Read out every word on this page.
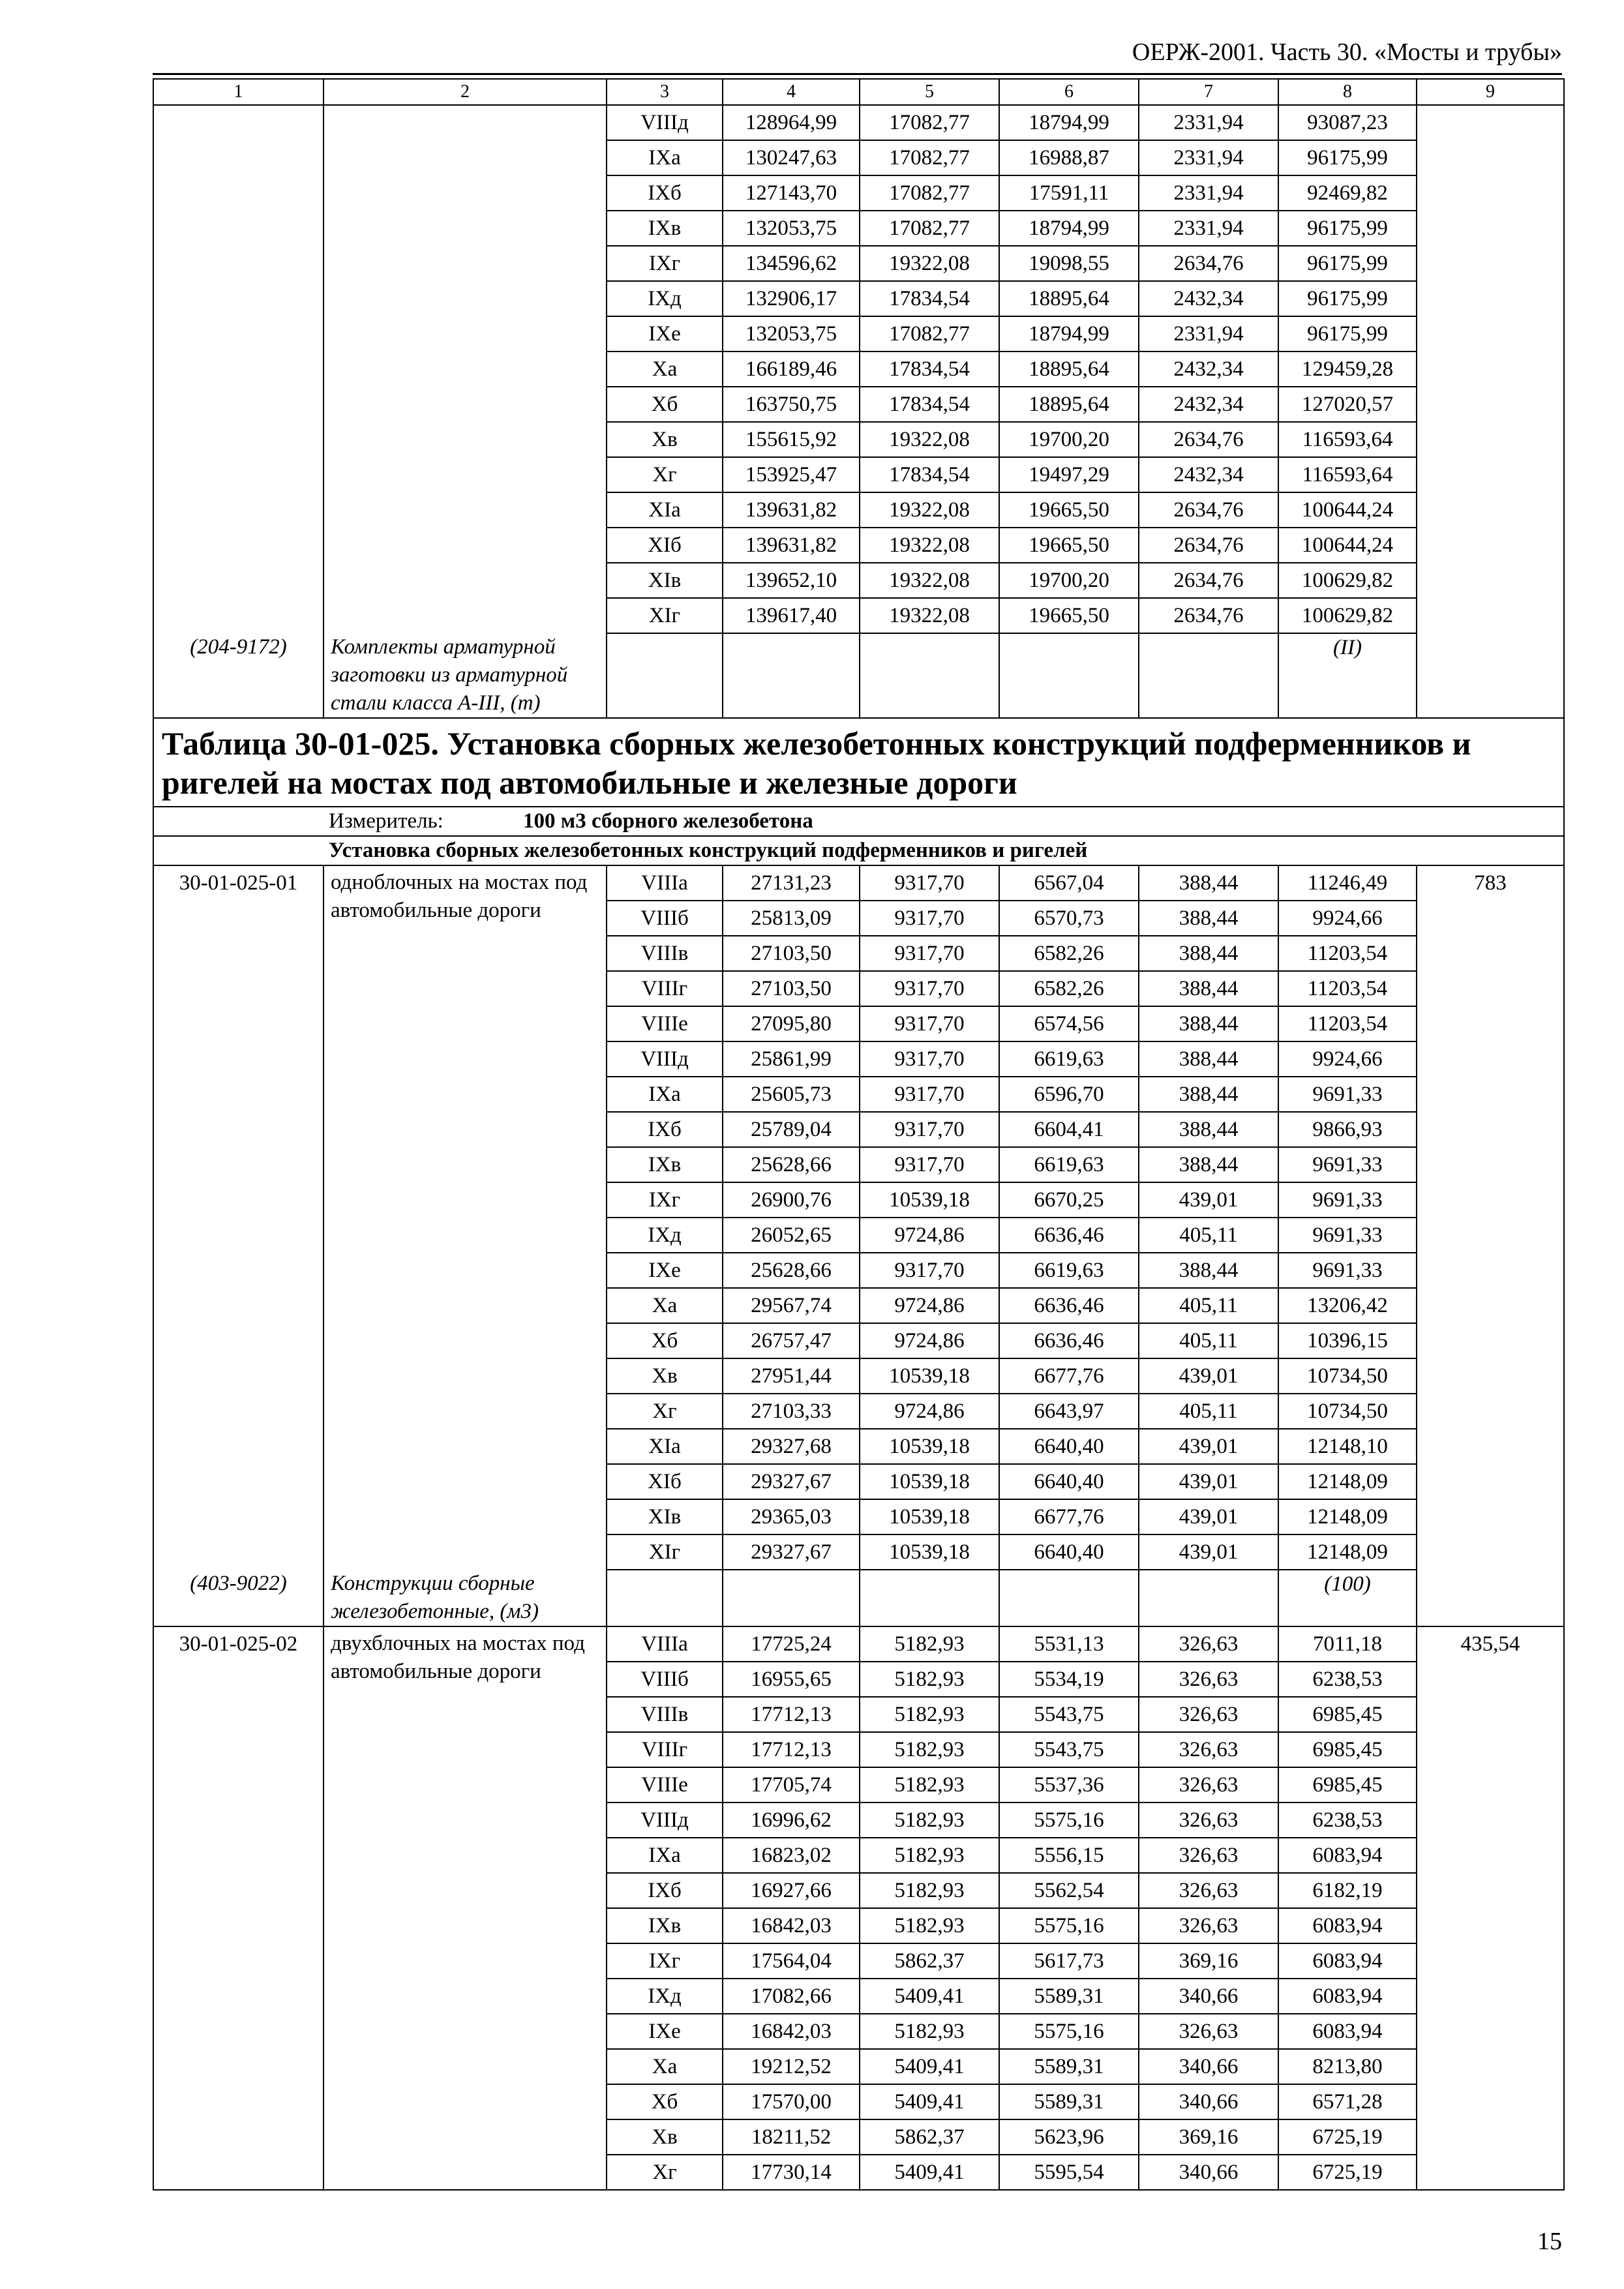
ОЕРЖ-2001. Часть 30. «Мосты и трубы»
1	2	3	4	5	6	7	8	9
		VIIIд	128964,99	17082,77	18794,99	2331,94	93087,23	
		IXa	130247,63	17082,77	16988,87	2331,94	96175,99	
		IXб	127143,70	17082,77	17591,11	2331,94	92469,82	
		IXв	132053,75	17082,77	18794,99	2331,94	96175,99	
		IXг	134596,62	19322,08	19098,55	2634,76	96175,99	
		IXд	132906,17	17834,54	18895,64	2432,34	96175,99	
		IXе	132053,75	17082,77	18794,99	2331,94	96175,99	
		Xa	166189,46	17834,54	18895,64	2432,34	129459,28	
		Xб	163750,75	17834,54	18895,64	2432,34	127020,57	
		Xв	155615,92	19322,08	19700,20	2634,76	116593,64	
		Xг	153925,47	17834,54	19497,29	2432,34	116593,64	
		XIa	139631,82	19322,08	19665,50	2634,76	100644,24	
		XIб	139631,82	19322,08	19665,50	2634,76	100644,24	
		XIв	139652,10	19322,08	19700,20	2634,76	100629,82	
		XIг	139617,40	19322,08	19665,50	2634,76	100629,82	
(204-9172)	Комплекты арматурной заготовки из арматурной стали класса А-III, (т)						(II)	
Таблица 30-01-025. Установка сборных железобетонных конструкций подферменников и ригелей на мостах под автомобильные и железные дороги								
Измеритель: 100 м3 сборного железобетона								
Установка сборных железобетонных конструкций подферменников и ригелей								
30-01-025-01	одноблочных на мостах под автомобильные дороги	VIIIa	27131,23	9317,70	6567,04	388,44	11246,49	783
		VIIIб	25813,09	9317,70	6570,73	388,44	9924,66	
		VIIIв	27103,50	9317,70	6582,26	388,44	11203,54	
		VIIIг	27103,50	9317,70	6582,26	388,44	11203,54	
		VIIIе	27095,80	9317,70	6574,56	388,44	11203,54	
		VIIIд	25861,99	9317,70	6619,63	388,44	9924,66	
		IXa	25605,73	9317,70	6596,70	388,44	9691,33	
		IXб	25789,04	9317,70	6604,41	388,44	9866,93	
		IXв	25628,66	9317,70	6619,63	388,44	9691,33	
		IXг	26900,76	10539,18	6670,25	439,01	9691,33	
		IXд	26052,65	9724,86	6636,46	405,11	9691,33	
		IXе	25628,66	9317,70	6619,63	388,44	9691,33	
		Xa	29567,74	9724,86	6636,46	405,11	13206,42	
		Xб	26757,47	9724,86	6636,46	405,11	10396,15	
		Xв	27951,44	10539,18	6677,76	439,01	10734,50	
		Xг	27103,33	9724,86	6643,97	405,11	10734,50	
		XIa	29327,68	10539,18	6640,40	439,01	12148,10	
		XIб	29327,67	10539,18	6640,40	439,01	12148,09	
		XIв	29365,03	10539,18	6677,76	439,01	12148,09	
		XIг	29327,67	10539,18	6640,40	439,01	12148,09	
(403-9022)	Конструкции сборные железобетонные, (м3)						(100)	
30-01-025-02	двухблочных на мостах под автомобильные дороги	VIIIa	17725,24	5182,93	5531,13	326,63	7011,18	435,54
		VIIIб	16955,65	5182,93	5534,19	326,63	6238,53	
		VIIIв	17712,13	5182,93	5543,75	326,63	6985,45	
		VIIIг	17712,13	5182,93	5543,75	326,63	6985,45	
		VIIIе	17705,74	5182,93	5537,36	326,63	6985,45	
		VIIIд	16996,62	5182,93	5575,16	326,63	6238,53	
		IXa	16823,02	5182,93	5556,15	326,63	6083,94	
		IXб	16927,66	5182,93	5562,54	326,63	6182,19	
		IXв	16842,03	5182,93	5575,16	326,63	6083,94	
		IXг	17564,04	5862,37	5617,73	369,16	6083,94	
		IXд	17082,66	5409,41	5589,31	340,66	6083,94	
		IXе	16842,03	5182,93	5575,16	326,63	6083,94	
		Xa	19212,52	5409,41	5589,31	340,66	8213,80	
		Xб	17570,00	5409,41	5589,31	340,66	6571,28	
		Xв	18211,52	5862,37	5623,96	369,16	6725,19	
		Xг	17730,14	5409,41	5595,54	340,66	6725,19	
15
